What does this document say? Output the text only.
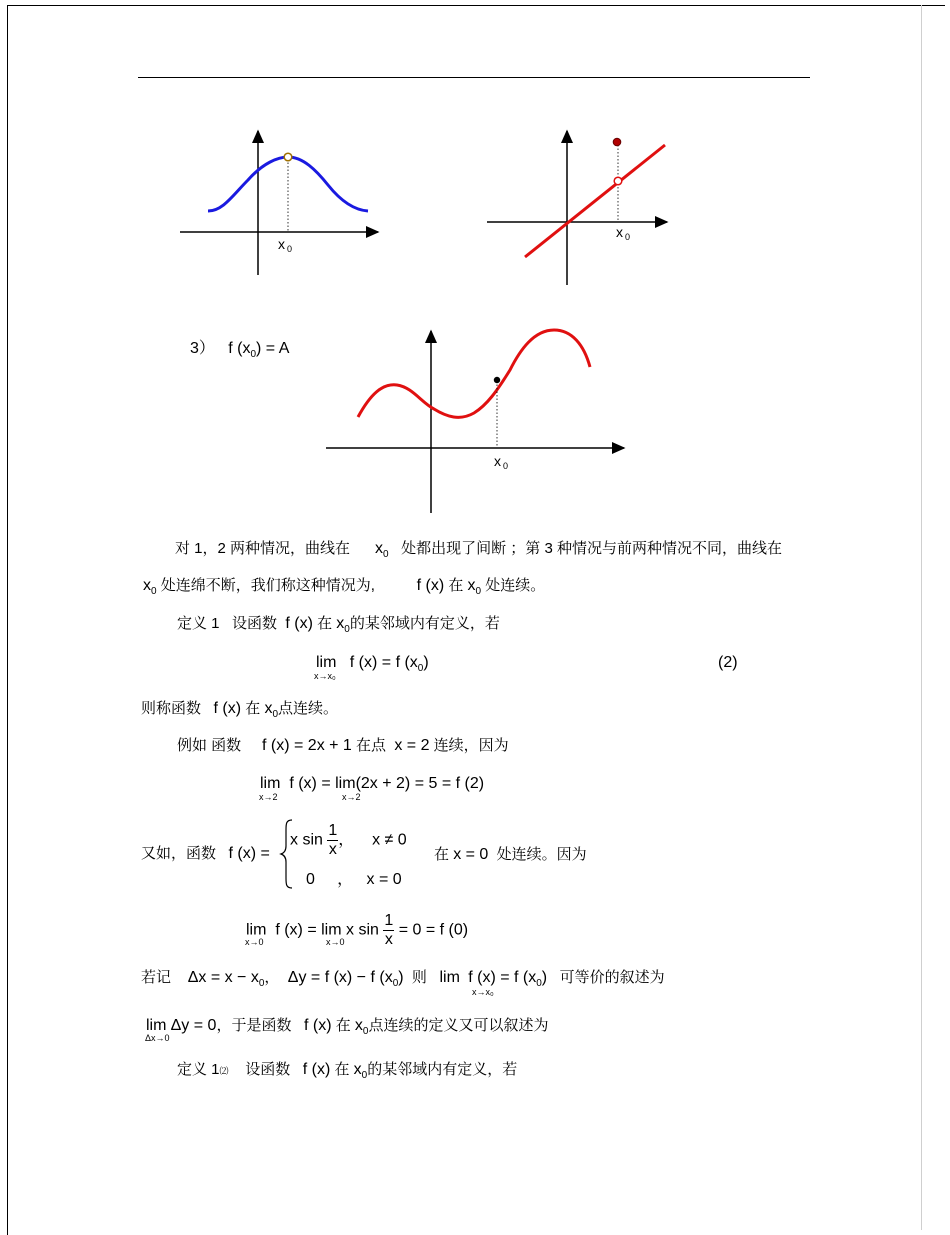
x 0
x 0
3） f $(x_0) = A$
x 0
对 1，2 两种情况，曲线在 $x_0$ 处都出现了间断 ；第 3 种情况与前两种情况不同，曲线在
$x_0$ 处连绵不断，我们称这种情况为,	f (x) 在 $x_0$ 处连续。
定义 1 设函数 f (x) 在 $x_0$的某邻域内有定义，若
lim f (x) = f $(x_0)$
x→x₀
(2)
则称函数 f (x) 在 $x_0$点连续。
例如 函数 f (x) = 2x + 1 在点 x = 2 连续，因为
lim f (x) = lim(2x + 2) = 5 = f (2)
x→2	x→2
又如，函数 f (x) =
x $\sin \frac{1}{x}$ ， x ≠ 0
0 ， x = 0
在 x = 0 处连续。因为
lim f (x) = lim x $\sin \frac{1}{x} = 0 = f$ (0)
x→0	x→0
若记 $\Delta x = x - x_0$， Δy = f (x) − f $(x_0)$ 则 lim f (x) = f $(x_0)$ 可等价的叙述为
x→x₀
lim Δy = 0，于是函数 f (x) 在 $x_0$点连续的定义又可以叙述为
Δx→0
定义 1⑵ 设函数 f (x) 在 $x_0$的某邻域内有定义，若
